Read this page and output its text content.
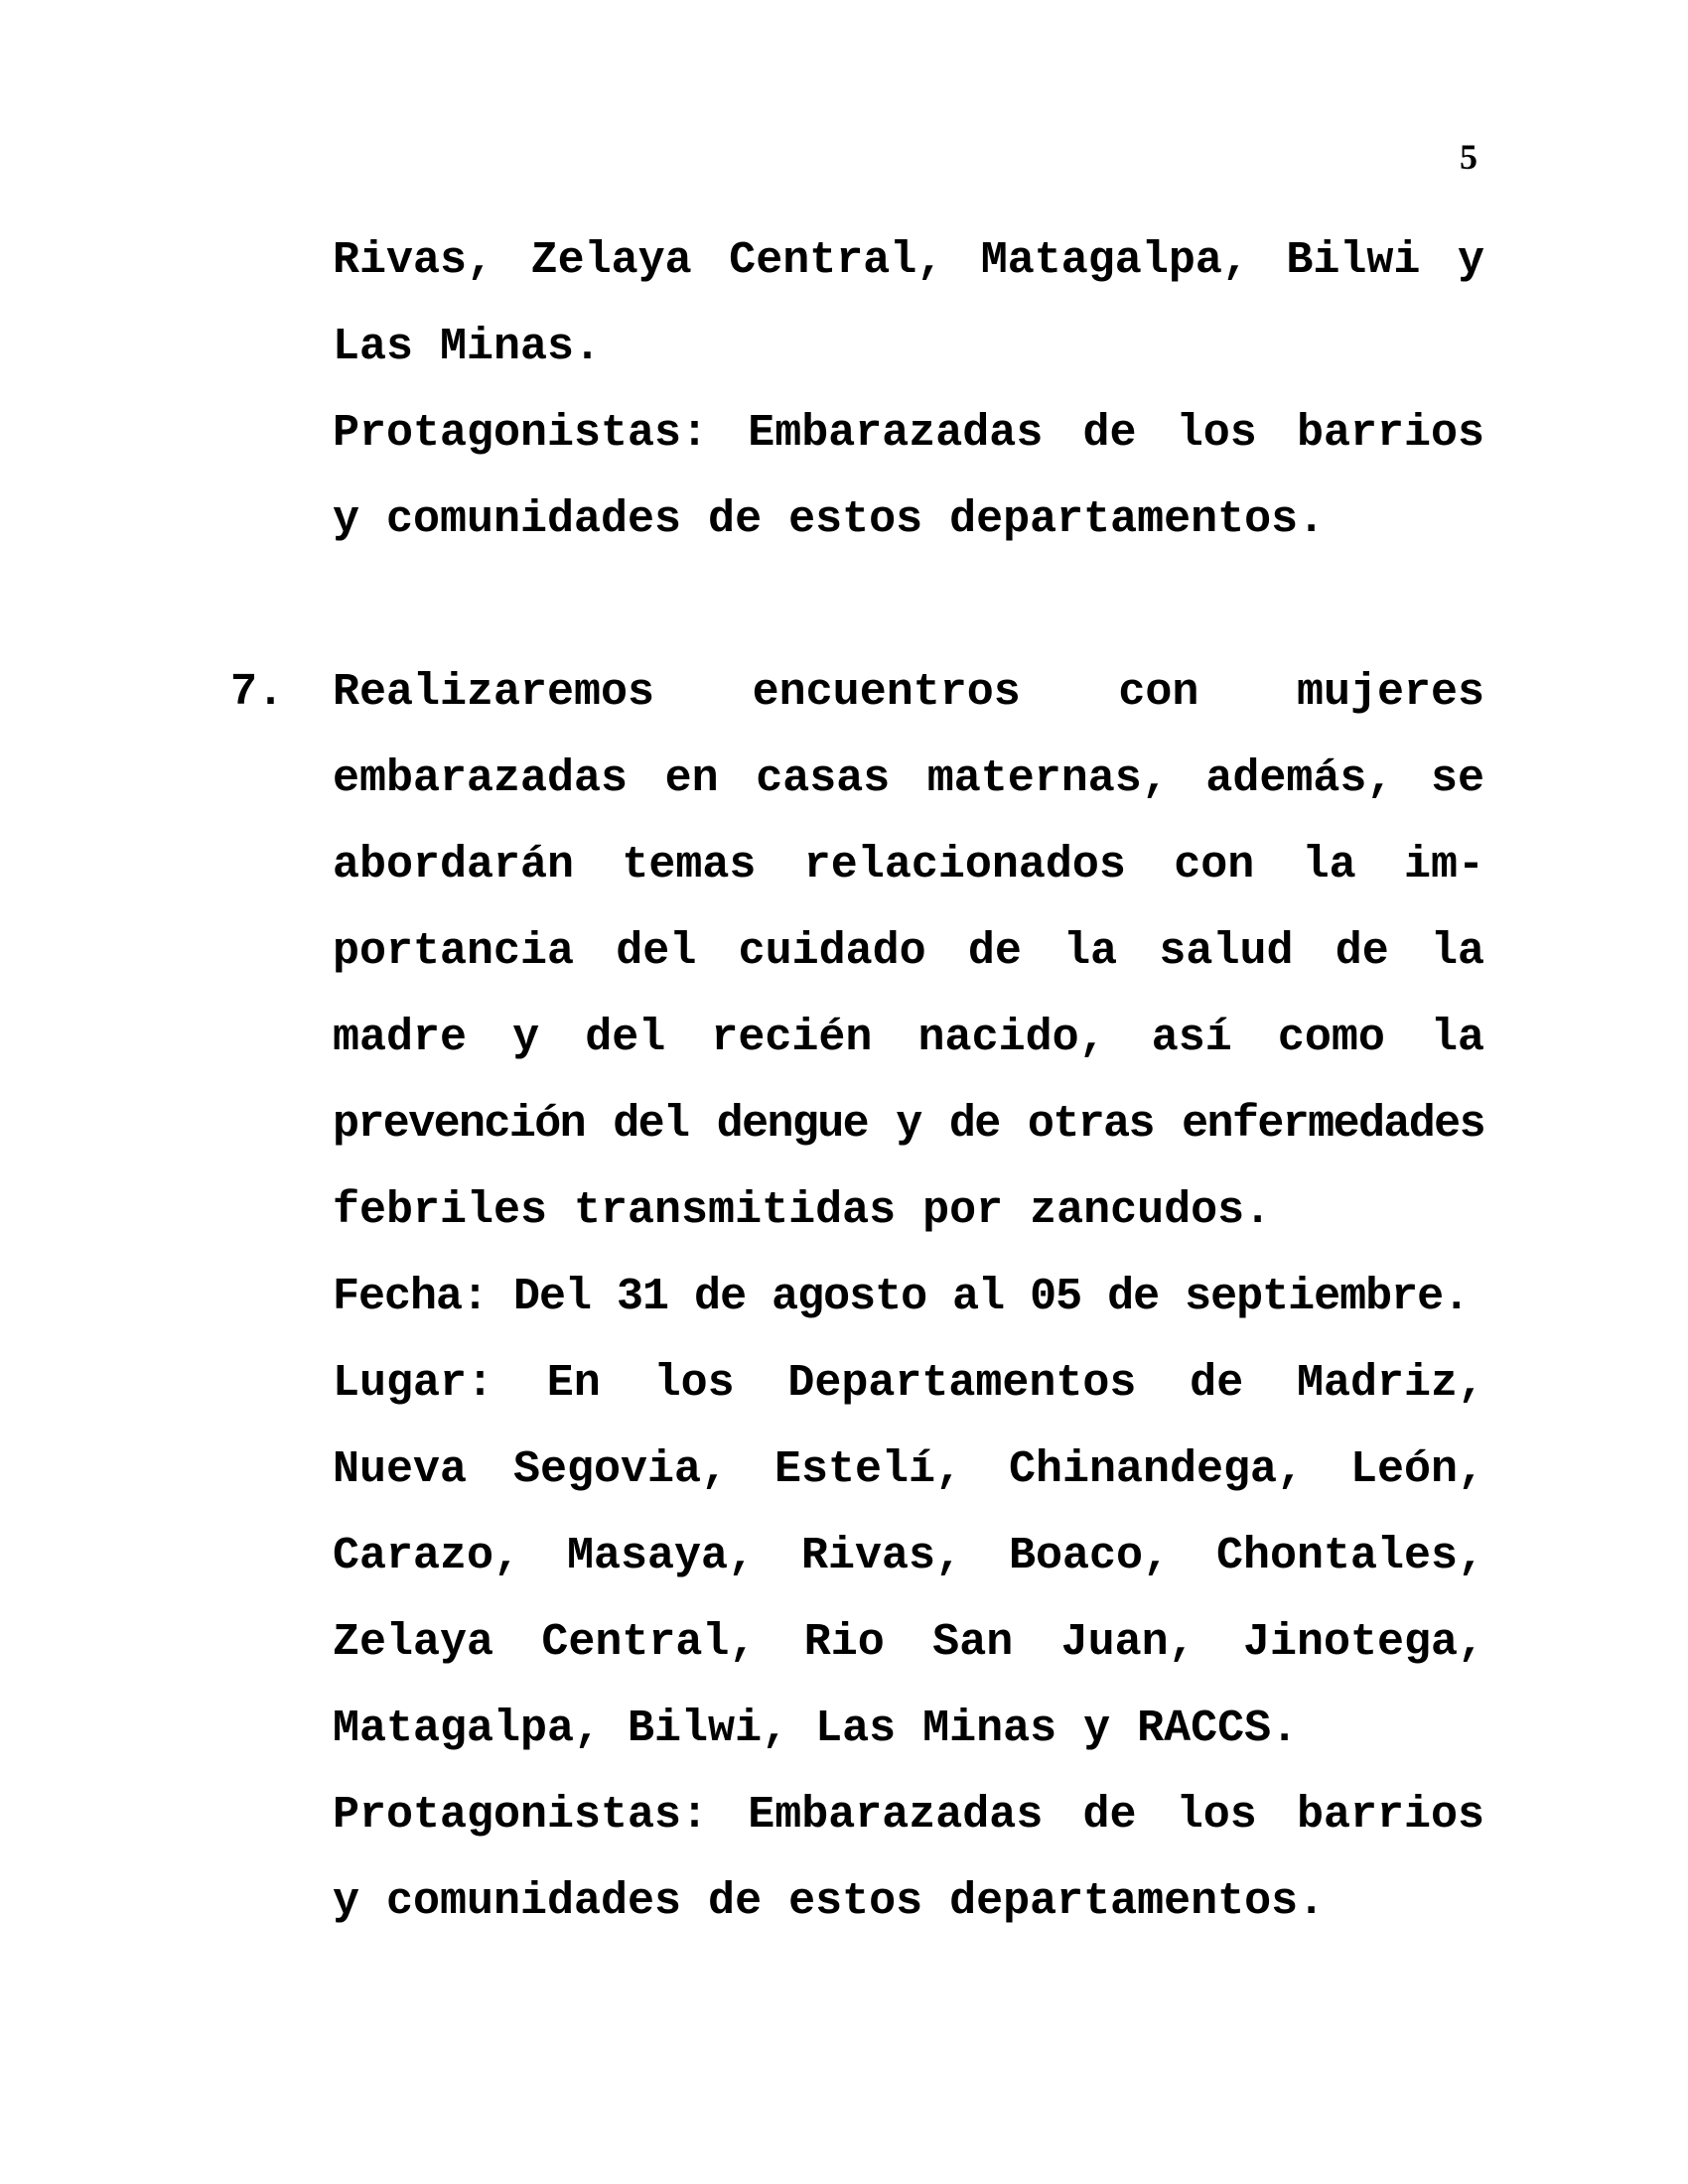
5
Rivas, Zelaya Central, Matagalpa, Bilwi y
Las Minas.
Protagonistas: Embarazadas de los barrios
y comunidades de estos departamentos.
7.	Realizaremos encuentros con mujeres
embarazadas en casas maternas, además, se
abordarán temas relacionados con la im-
portancia del cuidado de la salud de la
madre y del recién nacido, así como la
prevención del dengue y de otras enfermedades
febriles transmitidas por zancudos.
Fecha: Del 31 de agosto al 05 de septiembre.
Lugar: En los Departamentos de Madriz,
Nueva Segovia, Estelí, Chinandega, León,
Carazo, Masaya, Rivas, Boaco, Chontales,
Zelaya Central, Rio San Juan, Jinotega,
Matagalpa, Bilwi, Las Minas y RACCS.
Protagonistas: Embarazadas de los barrios
y comunidades de estos departamentos.
